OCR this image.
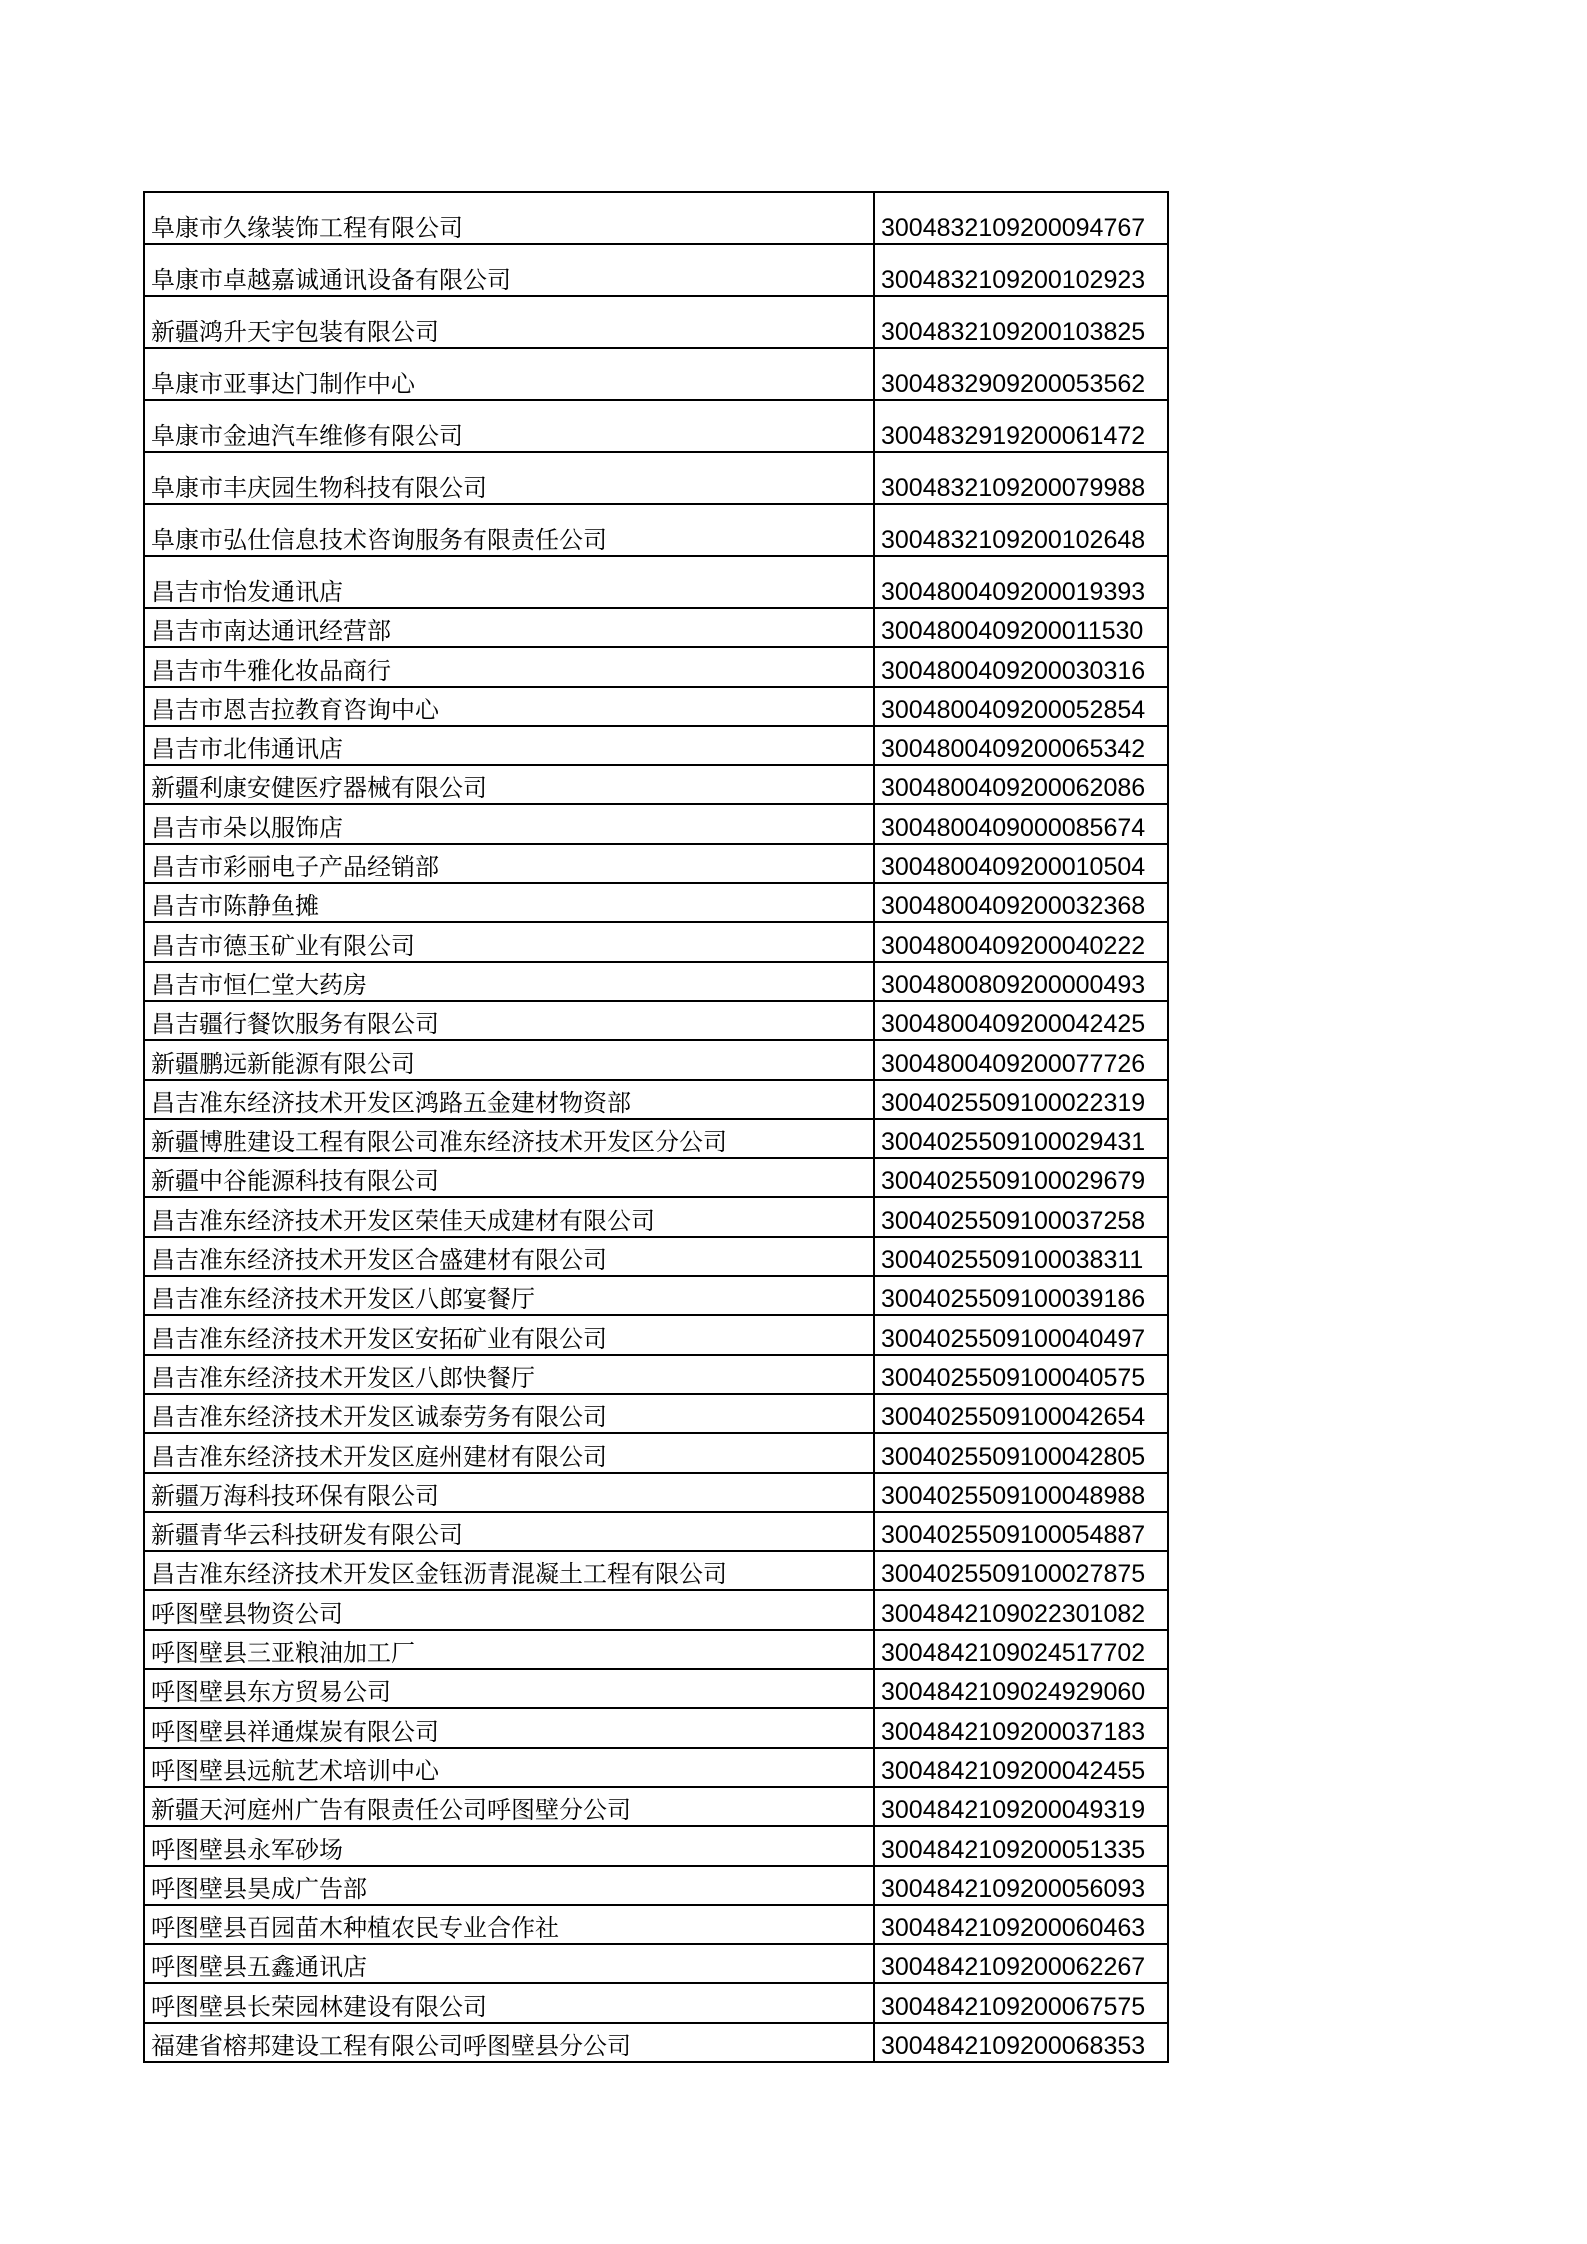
阜康市久缘装饰工程有限公司	3004832109200094767
阜康市卓越嘉诚通讯设备有限公司	3004832109200102923
新疆鸿升天宇包装有限公司	3004832109200103825
阜康市亚事达门制作中心	3004832909200053562
阜康市金迪汽车维修有限公司	3004832919200061472
阜康市丰庆园生物科技有限公司	3004832109200079988
阜康市弘仕信息技术咨询服务有限责任公司	3004832109200102648
昌吉市怡发通讯店	3004800409200019393
昌吉市南达通讯经营部	3004800409200011530
昌吉市牛雅化妆品商行	3004800409200030316
昌吉市恩吉拉教育咨询中心	3004800409200052854
昌吉市北伟通讯店	3004800409200065342
新疆利康安健医疗器械有限公司	3004800409200062086
昌吉市朵以服饰店	3004800409000085674
昌吉市彩丽电子产品经销部	3004800409200010504
昌吉市陈静鱼摊	3004800409200032368
昌吉市德玉矿业有限公司	3004800409200040222
昌吉市恒仁堂大药房	3004800809200000493
昌吉疆行餐饮服务有限公司	3004800409200042425
新疆鹏远新能源有限公司	3004800409200077726
昌吉准东经济技术开发区鸿路五金建材物资部	3004025509100022319
新疆博胜建设工程有限公司准东经济技术开发区分公司	3004025509100029431
新疆中谷能源科技有限公司	3004025509100029679
昌吉准东经济技术开发区荣佳天成建材有限公司	3004025509100037258
昌吉准东经济技术开发区合盛建材有限公司	3004025509100038311
昌吉准东经济技术开发区八郎宴餐厅	3004025509100039186
昌吉准东经济技术开发区安拓矿业有限公司	3004025509100040497
昌吉准东经济技术开发区八郎快餐厅	3004025509100040575
昌吉准东经济技术开发区诚泰劳务有限公司	3004025509100042654
昌吉准东经济技术开发区庭州建材有限公司	3004025509100042805
新疆万海科技环保有限公司	3004025509100048988
新疆青华云科技研发有限公司	3004025509100054887
昌吉准东经济技术开发区金钰沥青混凝土工程有限公司	3004025509100027875
呼图壁县物资公司	3004842109022301082
呼图壁县三亚粮油加工厂	3004842109024517702
呼图壁县东方贸易公司	3004842109024929060
呼图壁县祥通煤炭有限公司	3004842109200037183
呼图壁县远航艺术培训中心	3004842109200042455
新疆天河庭州广告有限责任公司呼图壁分公司	3004842109200049319
呼图壁县永军砂场	3004842109200051335
呼图壁县昊成广告部	3004842109200056093
呼图壁县百园苗木种植农民专业合作社	3004842109200060463
呼图壁县五鑫通讯店	3004842109200062267
呼图壁县长荣园林建设有限公司	3004842109200067575
福建省榕邦建设工程有限公司呼图壁县分公司	3004842109200068353
